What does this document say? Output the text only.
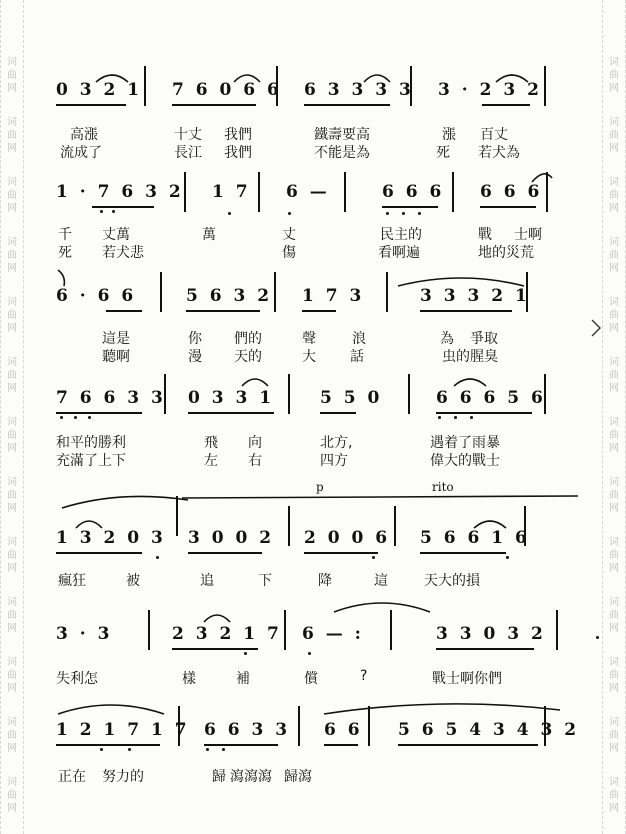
词
曲
网
词
曲
网
词
曲
网
词
曲
网
词
曲
网
词
曲
网
词
曲
网
词
曲
网
词
曲
网
词
曲
网
词
曲
网
词
曲
网
词
曲
网
词
曲
网
词
曲
网
词
曲
网
词
曲
网
词
曲
网
词
曲
网
词
曲
网
词
曲
网
词
曲
网
词
曲
网
词
曲
网
词
曲
网
词
曲
网
0 3 2 1 7 6 0 6 6 6 3 3 3 3 3 · 2 3 2
高漲	十丈 我們	鐵壽要高	漲 百丈
流成了	長江 我們	不能是為	死 若犬為
1 · 7 6 3 2 1 7 6 —	6 6 6 6 6 6
千 丈萬	萬	丈	民主的	戰 士啊
死 若犬悲	傷	看啊遍	地的災荒
6 · 6 6	5 6 3 2 1 7 3	3 3 3 2 1
這是	你 們的	聲	浪	為 爭取
聽啊	漫 天的	大 話	虫的腥臭
7 6 6 3 3 0 3 3 1	5 5 0	6 6 6 5 6
和平的勝利	飛 向	北方,	遇着了雨暴
充滿了上下	左 右	四方	偉大的戰士
p	rito
1 3 2 0 3 3 0 0 2 2 0 0 6 5 6 6 1 6
瘋狂	被	追	下	降	這	天大的損
3 · 3	2 3 2 1 7 6 — :	3 3 0 3 2
失利怎	樣	補	償	?	戰士啊你們
1 2 1 7 1 7 6 6 3 3 6 6 5 6 5 4 3 4 3 2
正在 努力的	歸 瀉瀉瀉 歸瀉
